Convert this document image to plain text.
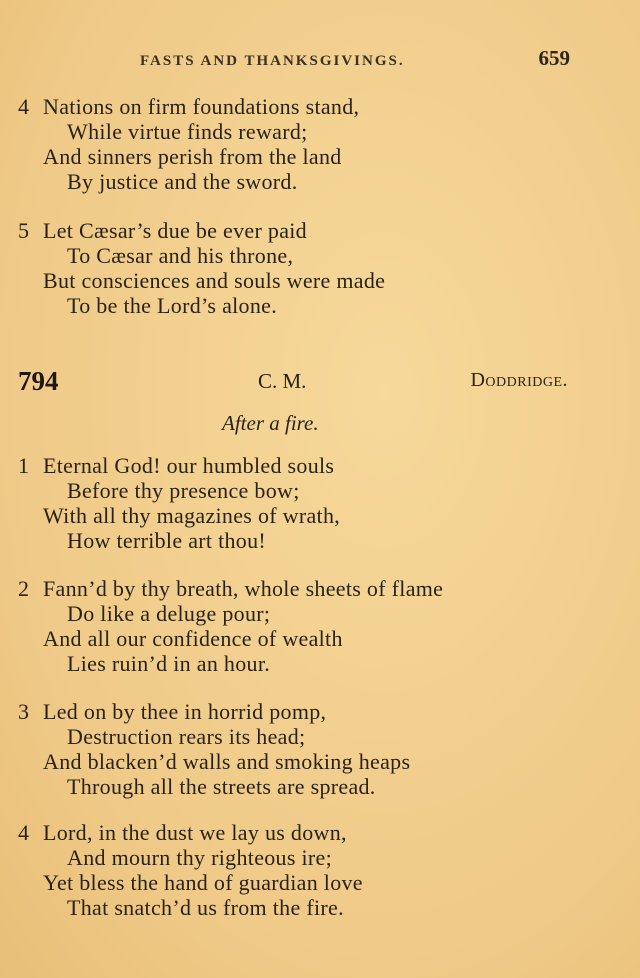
FASTS AND THANKSGIVINGS.	659
4 Nations on firm foundations stand,
While virtue finds reward;
And sinners perish from the land
By justice and the sword.
5 Let Cæsar’s due be ever paid
To Cæsar and his throne,
But consciences and souls were made
To be the Lord’s alone.
794	C. M.	Doddridge.
After a fire.
1 Eternal God! our humbled souls
Before thy presence bow;
With all thy magazines of wrath,
How terrible art thou!
2 Fann’d by thy breath, whole sheets of flame
Do like a deluge pour;
And all our confidence of wealth
Lies ruin’d in an hour.
3 Led on by thee in horrid pomp,
Destruction rears its head;
And blacken’d walls and smoking heaps
Through all the streets are spread.
4 Lord, in the dust we lay us down,
And mourn thy righteous ire;
Yet bless the hand of guardian love
That snatch’d us from the fire.
